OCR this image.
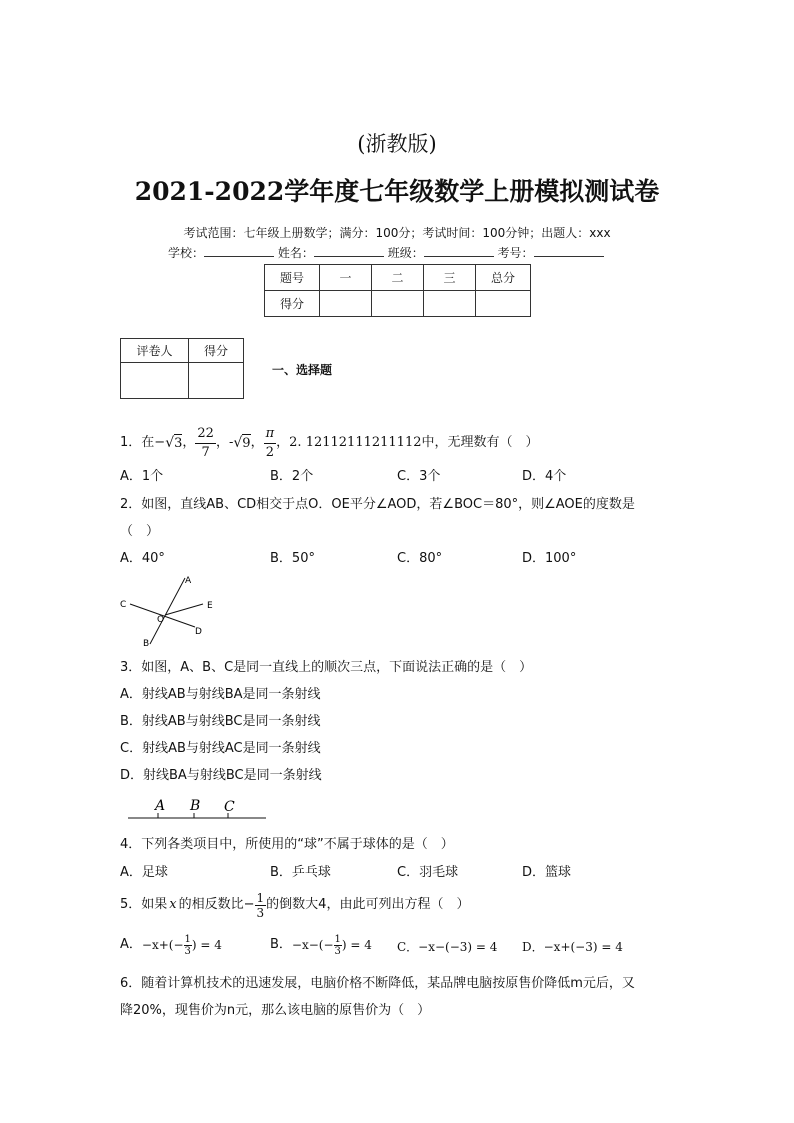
(浙教版)
2021-2022学年度七年级数学上册模拟测试卷
考试范围：七年级上册数学；满分：100分；考试时间：100分钟；出题人：xxx
学校：	姓名：	班级：	考号：
题号	一	二	三	总分
得分				
评卷人	得分

一、选择题
1．在 − √ 3 ， $\frac{22}{7}$ ， - √ 9 ， $\frac{\pi}{2}$ ， 2. 12112111211112 中，无理数有（　）
A．1个	B．2个	C．3个	D．4个
2．如图，直线AB、CD相交于点O．OE平分∠AOD，若∠BOC＝80°，则∠AOE的度数是
（　）
A．40°	B．50°	C．80°	D．100°
A
C	E
O
B
D
3．如图，A、B、C是同一直线上的顺次三点，下面说法正确的是（　）
A．射线AB与射线BA是同一条射线
B．射线AB与射线BC是同一条射线
C．射线AB与射线AC是同一条射线
D．射线BA与射线BC是同一条射线
A B C
4．下列各类项目中，所使用的“球”不属于球体的是（　）
A．足球	B．乒乓球	C．羽毛球	D．篮球
5．如果 x 的相反数比− $\frac{1}{3}$ 的倒数大4，由此可列出方程（　）
A． $-x+(- \frac{1}{3}$ ) = 4	B． $-x-(- \frac{1}{3}$ ) = 4 C．−x−(−3) = 4 D．−x+(−3) = 4
6．随着计算机技术的迅速发展，电脑价格不断降低，某品牌电脑按原售价降低m元后，又
降20%，现售价为n元，那么该电脑的原售价为（　）
